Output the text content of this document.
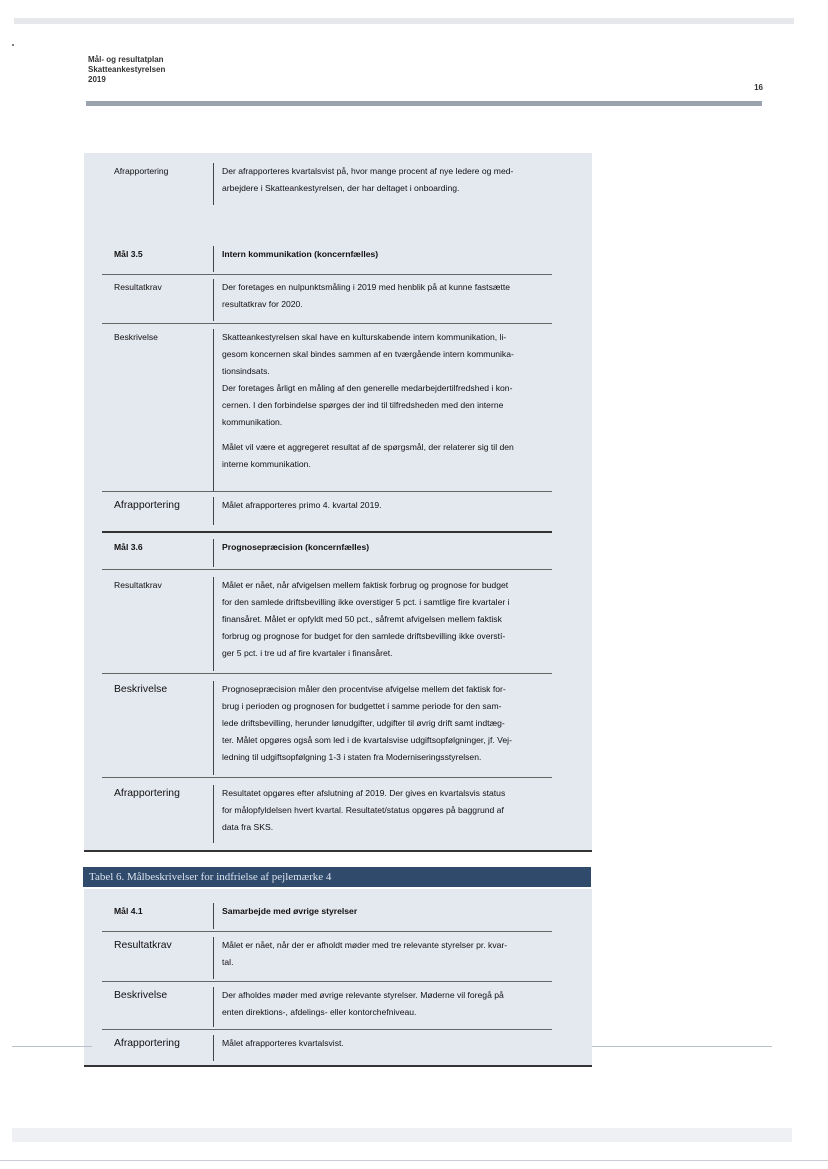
Mål- og resultatplan
Skatteankestyrelsen
2019
16
Afrapportering	Der afrapporteres kvartalsvist på, hvor mange procent af nye ledere og med-
arbejdere i Skatteankestyrelsen, der har deltaget i onboarding.
Mål 3.5	Intern kommunikation (koncernfælles)
Resultatkrav	Der foretages en nulpunktsmåling i 2019 med henblik på at kunne fastsætte
resultatkrav for 2020.
Beskrivelse	Skatteankestyrelsen skal have en kulturskabende intern kommunikation, li-
gesom koncernen skal bindes sammen af en tværgående intern kommunika-
tionsindsats.
Der foretages årligt en måling af den generelle medarbejdertilfredshed i kon-
cernen. I den forbindelse spørges der ind til tilfredsheden med den interne
kommunikation.
Målet vil være et aggregeret resultat af de spørgsmål, der relaterer sig til den
interne kommunikation.
Afrapportering	Målet afrapporteres primo 4. kvartal 2019.
Mål 3.6	Prognosepræcision (koncernfælles)
Resultatkrav	Målet er nået, når afvigelsen mellem faktisk forbrug og prognose for budget
for den samlede driftsbevilling ikke overstiger 5 pct. i samtlige fire kvartaler i
finansåret. Målet er opfyldt med 50 pct., såfremt afvigelsen mellem faktisk
forbrug og prognose for budget for den samlede driftsbevilling ikke overstí-
ger 5 pct. i tre ud af fire kvartaler i finansåret.
Beskrivelse	Prognosepræcision måler den procentvise afvigelse mellem det faktisk for-
brug i perioden og prognosen for budgettet i samme periode for den sam-
lede driftsbevilling, herunder lønudgifter, udgifter til øvrig drift samt indtæg-
ter. Målet opgøres også som led i de kvartalsvise udgiftsopfølgninger, jf. Vej-
ledning til udgiftsopfølgning 1-3 i staten fra Moderniseringsstyrelsen.
Afrapportering	Resultatet opgøres efter afslutning af 2019. Der gives en kvartalsvis status
for målopfyldelsen hvert kvartal. Resultatet/status opgøres på baggrund af
data fra SKS.
Tabel 6. Målbeskrivelser for indfrielse af pejlemærke 4
Mål 4.1	Samarbejde med øvrige styrelser
Resultatkrav	Målet er nået, når der er afholdt møder med tre relevante styrelser pr. kvar-
tal.
Beskrivelse	Der afholdes møder med øvrige relevante styrelser. Møderne vil foregå på
enten direktions-, afdelings- eller kontorchefniveau.
Afrapportering	Målet afrapporteres kvartalsvist.
